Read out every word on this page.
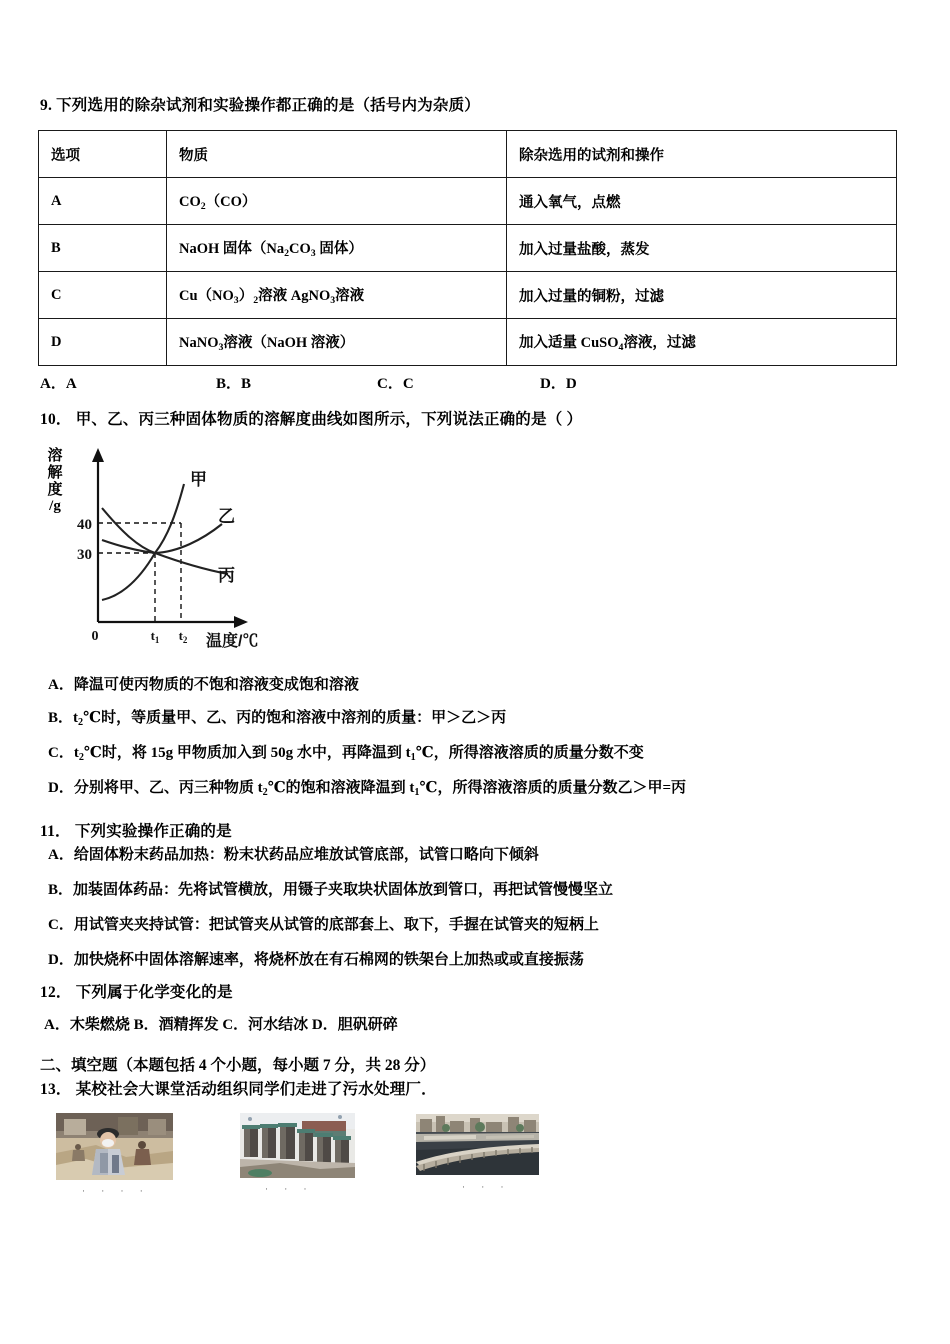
9. 下列选用的除杂试剂和实验操作都正确的是（括号内为杂质）
选项	物质	除杂选用的试剂和操作
A	$CO_2(CO)$	通入氧气，点燃
B	NaOH 固体（$Na_2CO_3$ 固体）	加入过量盐酸，蒸发
C	$Cu(NO_3)_2$溶液 AgNO$_3$溶液	加入过量的铜粉，过滤
D	NaNO$_3$溶液（NaOH 溶液）	加入适量 CuSO$_4$溶液，过滤
A．A	B．B	C．C	D．D
10． 甲、乙、丙三种固体物质的溶解度曲线如图所示，下列说法正确的是（ ）
溶
解
度
/g
40
30
0	$t_1$ $t_2$ 温度/℃
甲
乙
丙
A．降温可使丙物质的不饱和溶液变成饱和溶液
B．$t_2℃$时，等质量甲、乙、丙的饱和溶液中溶剂的质量：甲＞乙＞丙
C．$t_2℃$时，将 15g 甲物质加入到 50g 水中，再降温到 $t_1℃$，所得溶液溶质的质量分数不变
D．分别将甲、乙、丙三种物质 $t_2℃$的饱和溶液降温到 $t_1℃$，所得溶液溶质的质量分数乙＞甲=丙
11． 下列实验操作正确的是
A．给固体粉末药品加热：粉末状药品应堆放试管底部，试管口略向下倾斜
B．加装固体药品：先将试管横放，用镊子夹取块状固体放到管口，再把试管慢慢坚立
C．用试管夹夹持试管：把试管夹从试管的底部套上、取下，手握在试管夹的短柄上
D．加快烧杯中固体溶解速率，将烧杯放在有石棉网的铁架台上加热或或直接振荡
12． 下列属于化学变化的是
A．木柴燃烧 B．酒精挥发 C．河水结冰 D．胆矾研碎
二、填空题（本题包括 4 个小题，每小题 7 分，共 28 分）
13． 某校社会大课堂活动组织同学们走进了污水处理厂．
· · · ·	· · ·	· · ·
